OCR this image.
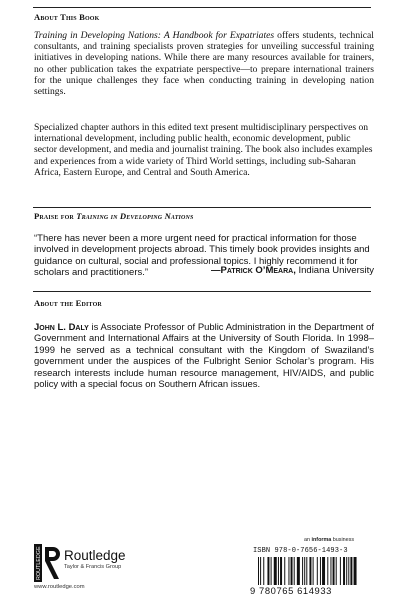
About This Book

Training in Developing Nations: A Handbook for Expatriates offers students, technical consultants, and training specialists proven strategies for unveiling successful training initiatives in developing nations. While there are many resources available for trainers, no other publication takes the expatriate perspective—to prepare international trainers for the unique challenges they face when conducting training in developing nation settings.

Specialized chapter authors in this edited text present multidisciplinary perspectives on international development, including public health, economic development, public sector development, and media and journalist training. The book also includes examples and experiences from a wide variety of Third World settings, including sub-Saharan Africa, Eastern Europe, and Central and South America.

Praise for Training in Developing Nations

“There has never been a more urgent need for practical information for those involved in development projects abroad. This timely book provides insights and guidance on cultural, social and professional topics. I highly recommend it for scholars and practitioners.”	—Patrick O’Meara, Indiana University
About the Editor

John L. Daly is Associate Professor of Public Administration in the Department of Government and International Affairs at the University of South Florida. In 1998–1999 he served as a technical consultant with the Kingdom of Swaziland’s government under the auspices of the Fulbright Senior Scholar’s program. His research interests include human resource management, HIV/AIDS, and public policy with a special focus on Southern African issues.

ROUTLEDGE Routledge
Taylor & Francis Group
www.routledge.com
an informa business
ISBN 978-0-7656-1493-3
9 780765 614933
